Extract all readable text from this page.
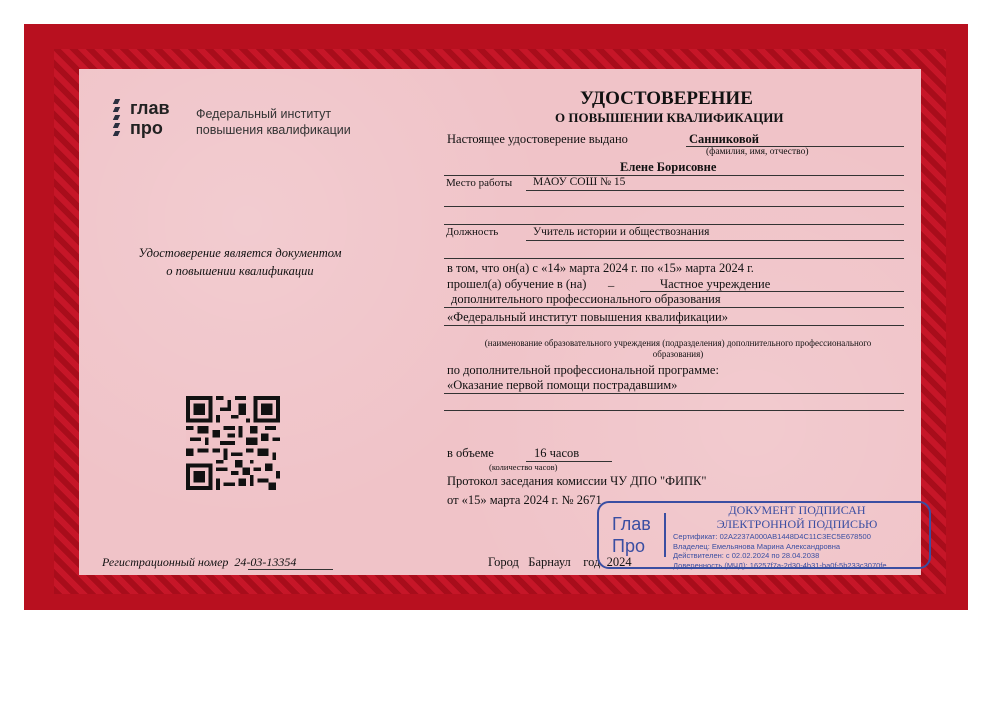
глав
про
Федеральный институт
повышения квалификации
Удостоверение является документом
о повышении квалификации
Регистрационный номер 24-03-13354
УДОСТОВЕРЕНИЕ
О ПОВЫШЕНИИ КВАЛИФИКАЦИИ
Настоящее удостоверение выдано	Санниковой
(фамилия, имя, отчество)
Елене Борисовне
Место работы МАОУ СОШ № 15
Должность	Учитель истории и обществознания
в том, что он(а) с «14» марта 2024 г. по «15» марта 2024 г.
прошел(а) обучение в (на) _	Частное учреждение
дополнительного профессионального образования
«Федеральный институт повышения квалификации»
(наименование образовательного учреждения (подразделения) дополнительного профессионального
образования)
по дополнительной профессиональной программе:
«Оказание первой помощи пострадавшим»
в объеме	16 часов
(количество часов)
Протокол заседания комиссии ЧУ ДПО "ФИПК"
от «15» марта 2024 г. № 2671
Город Барнаул год 2024
Глав
Про
ДОКУМЕНТ ПОДПИСАН
ЭЛЕКТРОННОЙ ПОДПИСЬЮ
Сертификат: 02A2237A000AB1448D4C11C3EC5E678500
Владелец: Емельянова Марина Александровна
Действителен: с 02.02.2024 по 28.04.2038
Доверенность (МЧД): 16257f7a-2d30-4b31-ba0f-5b233c3070fe
